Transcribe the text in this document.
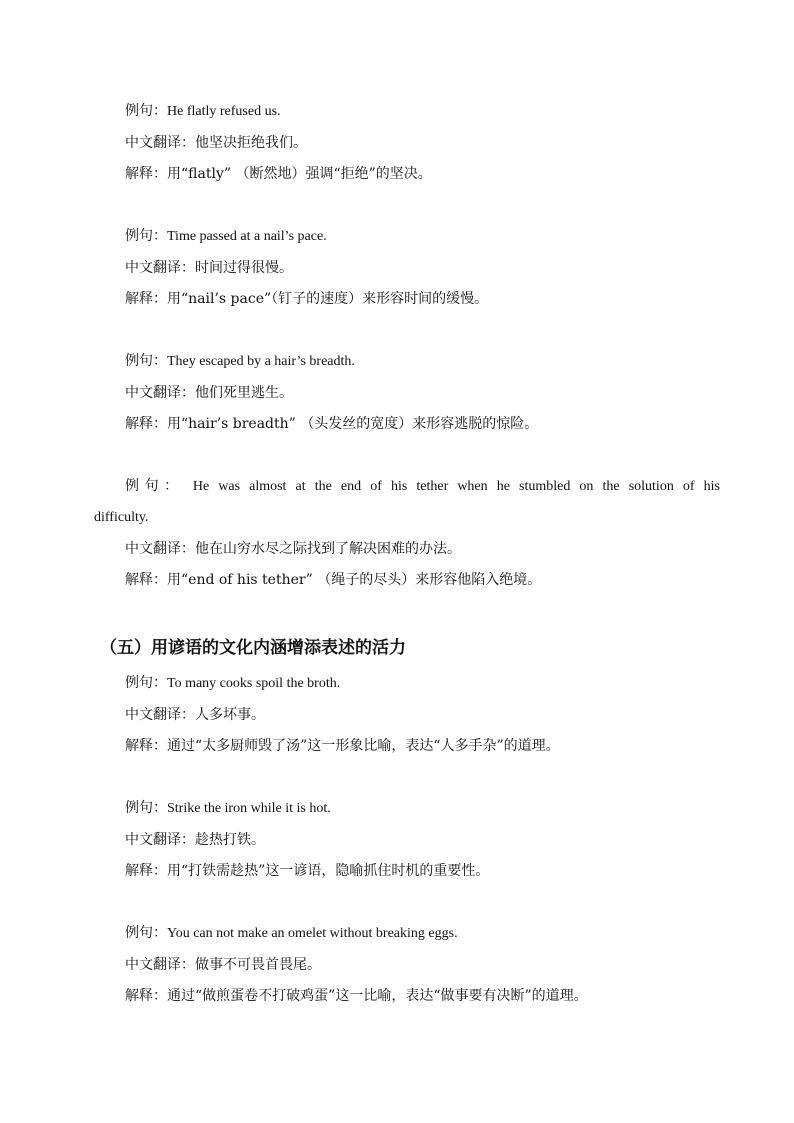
例句：He flatly refused us.
中文翻译：他坚决拒绝我们。
解释：用“flatly” （断然地）强调“拒绝”的坚决。
例句：Time passed at a nail’s pace.
中文翻译：时间过得很慢。
解释：用“nail’s pace”（钉子的速度）来形容时间的缓慢。
例句：They escaped by a hair’s breadth.
中文翻译：他们死里逃生。
解释：用“hair’s breadth” （头发丝的宽度）来形容逃脱的惊险。
例句： He was almost at the end of his tether when he stumbled on the solution of his
difficulty.
中文翻译：他在山穷水尽之际找到了解决困难的办法。
解释：用“end of his tether” （绳子的尽头）来形容他陷入绝境。
（五）用谚语的文化内涵增添表述的活力
例句：To many cooks spoil the broth.
中文翻译：人多坏事。
解释：通过“太多厨师毁了汤”这一形象比喻，表达“人多手杂”的道理。
例句：Strike the iron while it is hot.
中文翻译：趁热打铁。
解释：用“打铁需趁热”这一谚语，隐喻抓住时机的重要性。
例句：You can not make an omelet without breaking eggs.
中文翻译：做事不可畏首畏尾。
解释：通过“做煎蛋卷不打破鸡蛋”这一比喻，表达“做事要有决断”的道理。
